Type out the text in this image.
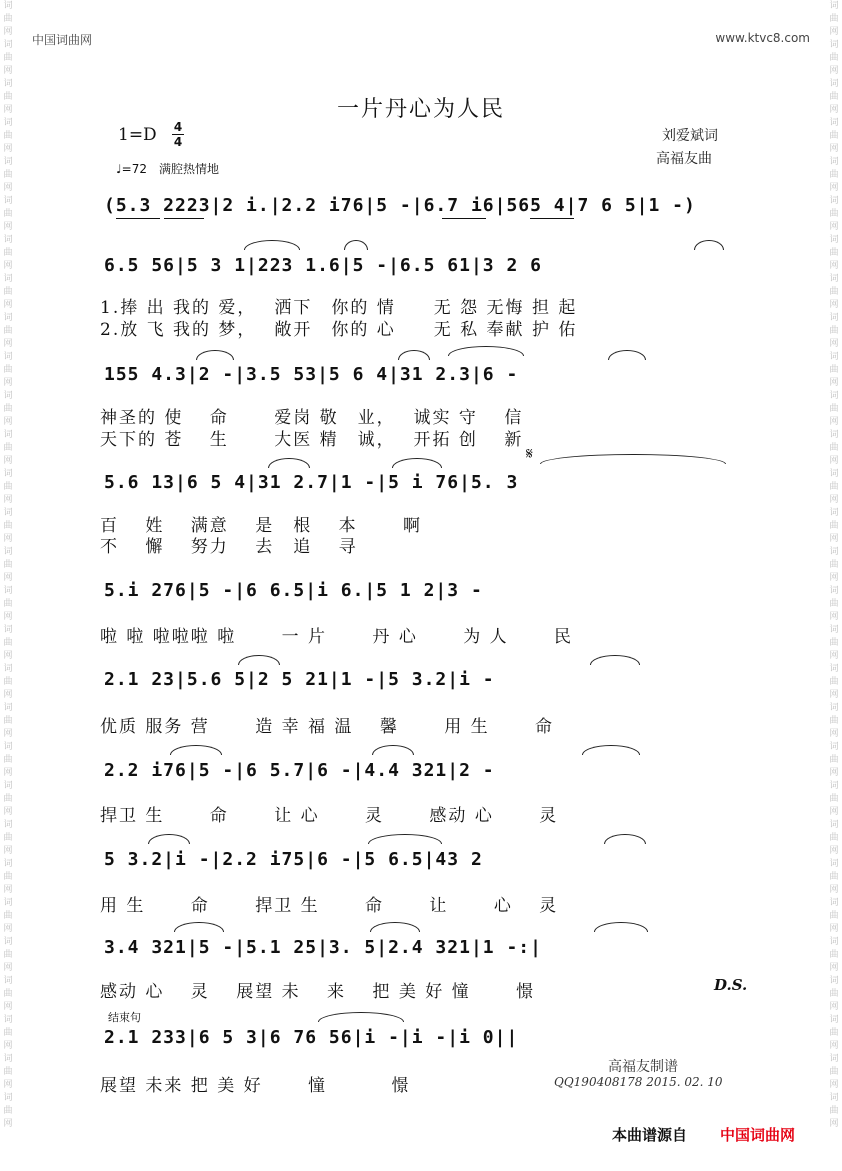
词曲网词曲网词曲网词曲网词曲网词曲网词曲网词曲网词曲网词曲网词曲网词曲网词曲网词曲网词曲网词曲网词曲网词曲网词曲网词曲网词曲网词曲网词曲网词曲网词曲网词曲网词曲网词曲网词曲网
词曲网词曲网词曲网词曲网词曲网词曲网词曲网词曲网词曲网词曲网词曲网词曲网词曲网词曲网词曲网词曲网词曲网词曲网词曲网词曲网词曲网词曲网词曲网词曲网词曲网词曲网词曲网词曲网词曲网
中国词曲网	www.ktvc8.com
一片丹心为人民
1=D 4
4
♩=72　满腔热情地
刘爱斌词
高福友曲
(5.3 2223|2 i.|2.2 i76|5 -|6.7 i6|565 4|7 6 5|1 -)
6.5 56|5 3 1|223 1.6|5 -|6.5 61|3 2 6
1.捧 出 我的 爱，　 洒下　你的 情　　无 怨 无悔 担 起
2.放 飞 我的 梦，　 敞开　你的 心　　无 私 奉献 护 佑
155 4.3|2 -|3.5 53|5 6 4|31 2.3|6 -
神圣的 使　 命　　 爱岗 敬　业，　 诚实 守　 信
天下的 苍　 生　　 大医 精　诚，　 开拓 创　 新
𝄋
5.6 13|6 5 4|31 2.7|1 -|5 i 76|5. 3
百　 姓　 满意　 是　根　 本　 　啊
不　 懈　 努力　 去　追　 寻
5.i 276|5 -|6 6.5|i 6.|5 1 2|3 -
啦 啦 啦啦啦 啦　　 一 片　　 丹 心　　 为 人　　 民
2.1 23|5.6 5|2 5 21|1 -|5 3.2|i -
优质 服务 营　　 造 幸 福 温　 馨　　 用 生　　 命
2.2 i76|5 -|6 5.7|6 -|4.4 321|2 -
捍卫 生　　 命　　 让 心　　 灵　　 感动 心　　 灵
5 3.2|i -|2.2 i75|6 -|5 6.5|43 2
用 生　　 命　　 捍卫 生　　 命　　 让　　 心　 灵
3.4 321|5 -|5.1 25|3. 5|2.4 321|1 -:|
感动 心　 灵　 展望 未　 来　 把 美 好 憧　　 憬	D.S.
结束句
2.1 233|6 5 3|6 76 56|i -|i -|i 0||
展望 未来 把 美 好　　 憧　　　 憬
高福友制谱
QQ190408178 2015. 02. 10
本曲谱源自 中国词曲网
